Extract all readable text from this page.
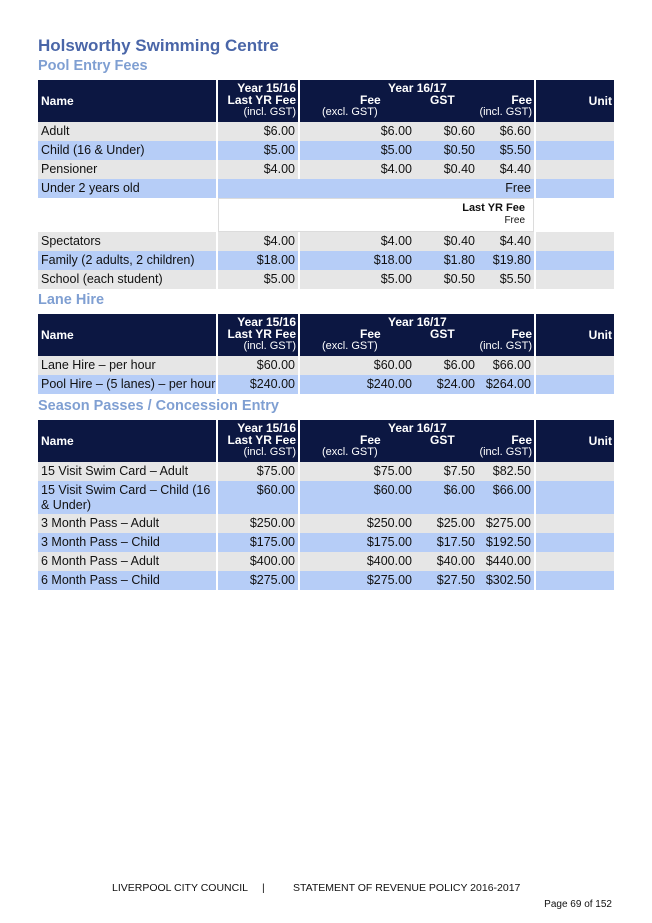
Holsworthy Swimming Centre
Pool Entry Fees
Name
Year 15/16
Last YR Fee
(incl. GST)
Year 16/17
Fee
(excl. GST)
GST	Fee
(incl. GST)
Unit
Adult	$6.00	$6.00	$0.60	$6.60
Child (16 & Under)	$5.00	$5.00	$0.50	$5.50
Pensioner	$4.00	$4.00	$0.40	$4.40
Under 2 years old	Free
Last YR Fee
Free
Spectators	$4.00	$4.00	$0.40	$4.40
Family (2 adults, 2 children)	$18.00	$18.00	$1.80	$19.80
School (each student)	$5.00	$5.00	$0.50	$5.50
Lane Hire
Name
Year 15/16
Last YR Fee
(incl. GST)
Year 16/17
Fee
(excl. GST)
GST	Fee
(incl. GST)
Unit
Lane Hire – per hour	$60.00	$60.00	$6.00	$66.00
Pool Hire – (5 lanes) – per hour	$240.00	$240.00	$24.00 $264.00
Season Passes / Concession Entry
Name
Year 15/16
Last YR Fee
(incl. GST)
Year 16/17
Fee
(excl. GST)
GST	Fee
(incl. GST)
Unit
15 Visit Swim Card – Adult	$75.00	$75.00	$7.50	$82.50
15 Visit Swim Card – Child (16 & Under)
$60.00	$60.00	$6.00	$66.00
3 Month Pass – Adult	$250.00	$250.00	$25.00 $275.00
3 Month Pass – Child	$175.00	$175.00	$17.50 $192.50
6 Month Pass – Adult	$400.00	$400.00	$40.00 $440.00
6 Month Pass – Child	$275.00	$275.00	$27.50 $302.50
LIVERPOOL CITY COUNCIL |	STATEMENT OF REVENUE POLICY 2016-2017
Page 69 of 152
